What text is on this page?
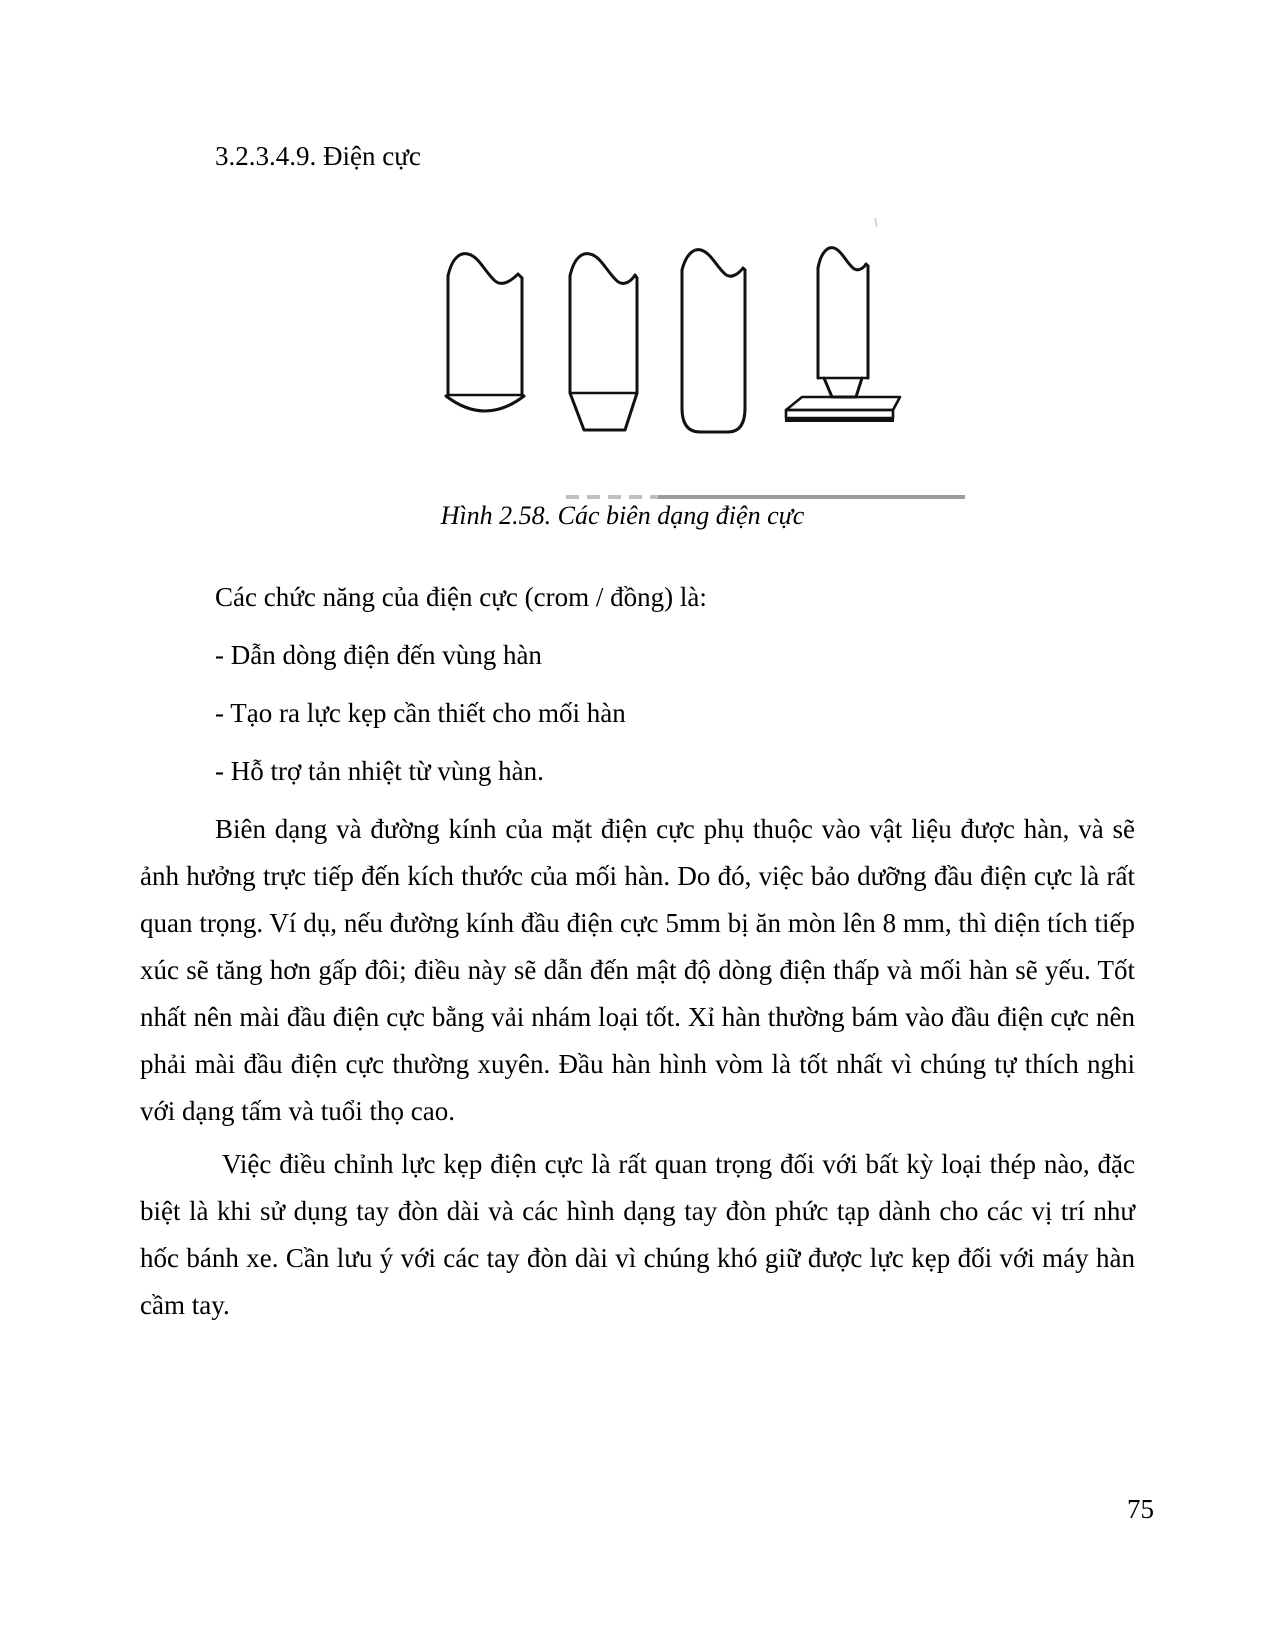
3.2.3.4.9. Điện cực
Hình 2.58. Các biên dạng điện cực

Các chức năng của điện cực (crom / đồng) là:

- Dẫn dòng điện đến vùng hàn

- Tạo ra lực kẹp cần thiết cho mối hàn

- Hỗ trợ tản nhiệt từ vùng hàn.

Biên dạng và đường kính của mặt điện cực phụ thuộc vào vật liệu được hàn, và sẽ ảnh hưởng trực tiếp đến kích thước của mối hàn. Do đó, việc bảo dưỡng đầu điện cực là rất quan trọng. Ví dụ, nếu đường kính đầu điện cực 5mm bị ăn mòn lên 8 mm, thì diện tích tiếp xúc sẽ tăng hơn gấp đôi; điều này sẽ dẫn đến mật độ dòng điện thấp và mối hàn sẽ yếu. Tốt nhất nên mài đầu điện cực bằng vải nhám loại tốt. Xỉ hàn thường bám vào đầu điện cực nên phải mài đầu điện cực thường xuyên. Đầu hàn hình vòm là tốt nhất vì chúng tự thích nghi với dạng tấm và tuổi thọ cao.

Việc điều chỉnh lực kẹp điện cực là rất quan trọng đối với bất kỳ loại thép nào, đặc biệt là khi sử dụng tay đòn dài và các hình dạng tay đòn phức tạp dành cho các vị trí như hốc bánh xe. Cần lưu ý với các tay đòn dài vì chúng khó giữ được lực kẹp đối với máy hàn cầm tay.

75
